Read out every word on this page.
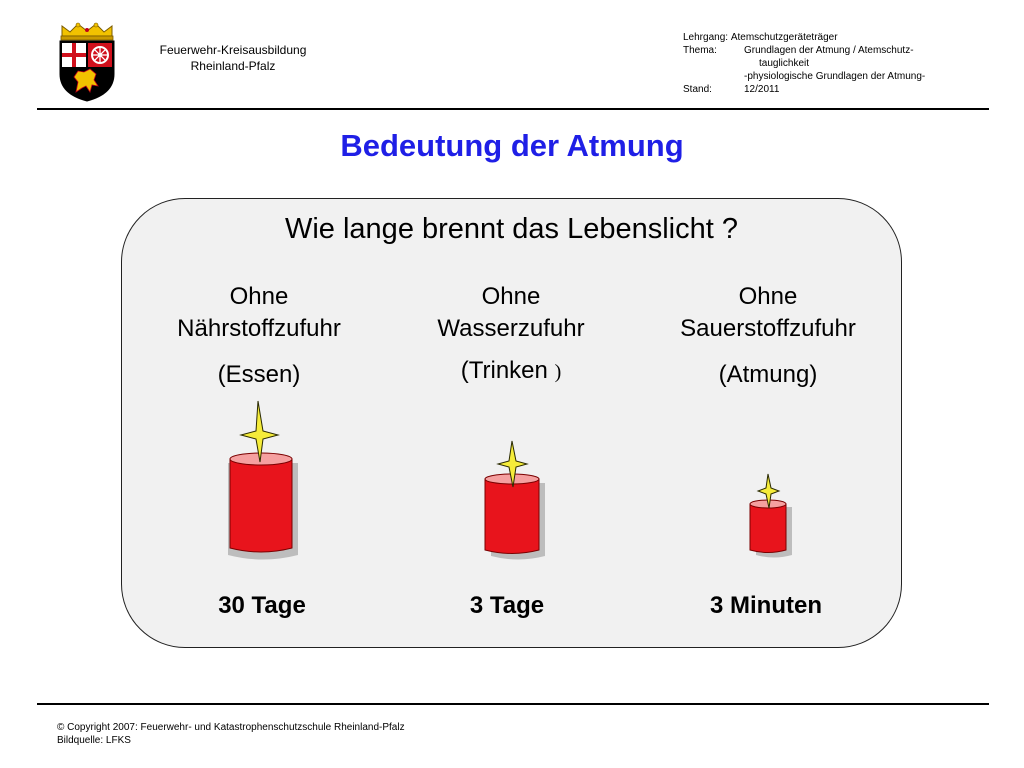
Feuerwehr-Kreisausbildung
Rheinland-Pfalz
Lehrgang:
Atemschutzgeräteträger
Thema:	Grundlagen der Atmung / Atemschutz-
tauglichkeit
-physiologische Grundlagen der Atmung-
Stand:	12/2011
Bedeutung der Atmung
Wie lange brennt das Lebenslicht ?

Ohne

Nährstoffzufuhr

(Essen)

Ohne

Wasserzufuhr

(Trinken )

Ohne

Sauerstoffzufuhr

(Atmung)

30 Tage	3 Tage	3 Minuten
© Copyright 2007: Feuerwehr- und Katastrophenschutzschule Rheinland-Pfalz
Bildquelle: LFKS
